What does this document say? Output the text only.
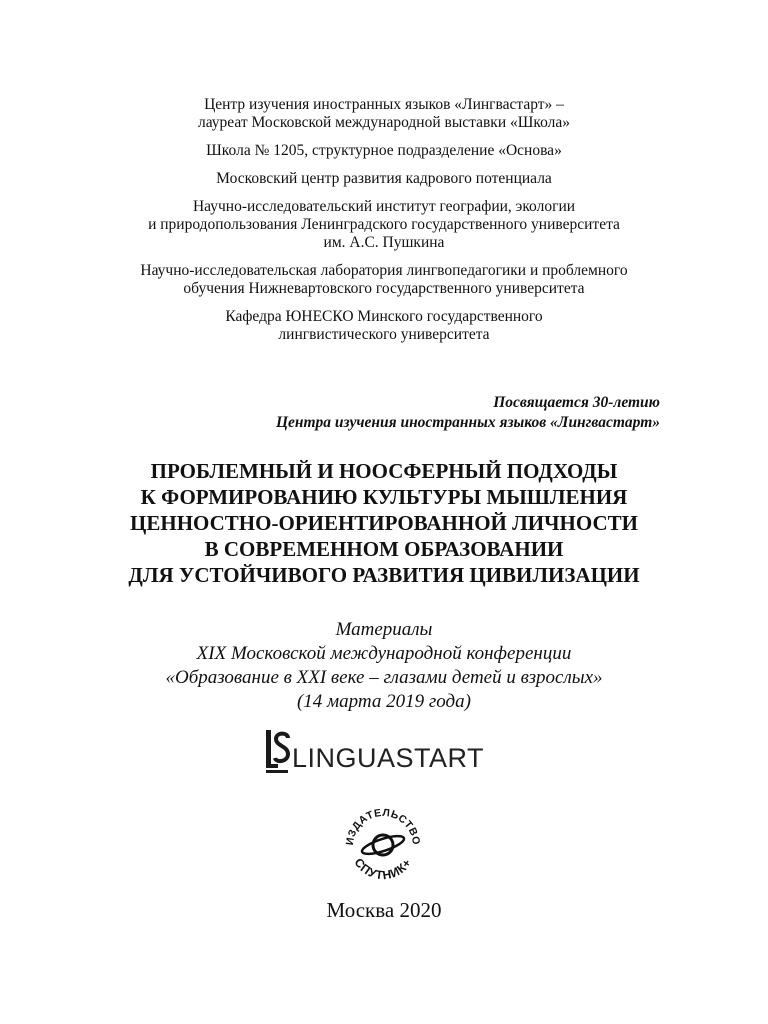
Центр изучения иностранных языков «Лингвастарт» –
лауреат Московской международной выставки «Школа»
Школа № 1205, структурное подразделение «Основа»
Московский центр развития кадрового потенциала
Научно-исследовательский институт географии, экологии
и природопользования Ленинградского государственного университета
им. А.С. Пушкина
Научно-исследовательская лаборатория лингвопедагогики и проблемного
обучения Нижневартовского государственного университета
Кафедра ЮНЕСКО Минского государственного
лингвистического университета
Посвящается 30-летию
Центра изучения иностранных языков «Лингвастарт»
ПРОБЛЕМНЫЙ И НООСФЕРНЫЙ ПОДХОДЫ
К ФОРМИРОВАНИЮ КУЛЬТУРЫ МЫШЛЕНИЯ
ЦЕННОСТНО-ОРИЕНТИРОВАННОЙ ЛИЧНОСТИ
В СОВРЕМЕННОМ ОБРАЗОВАНИИ
ДЛЯ УСТОЙЧИВОГО РАЗВИТИЯ ЦИВИЛИЗАЦИИ
Материалы
XIX Московской международной конференции
«Образование в XXI веке – глазами детей и взрослых»
(14 марта 2019 года)
LINGUASTART
ИЗДАТЕЛЬСТВО
СПУТНИК+
Москва 2020
